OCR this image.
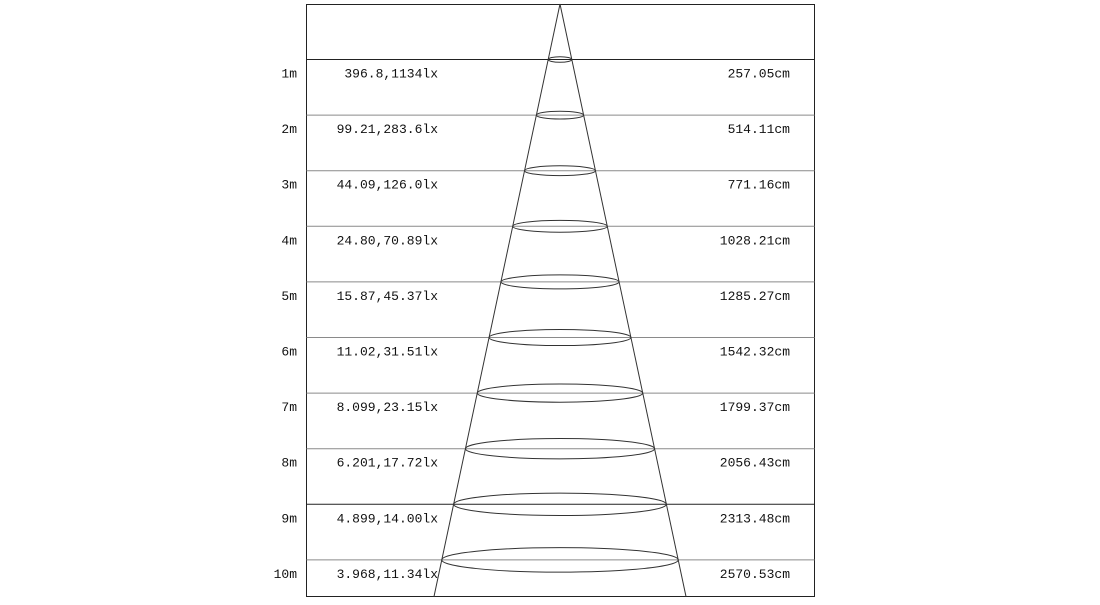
1m	396.8,1134lx	257.05cm
2m	99.21,283.6lx	514.11cm
3m	44.09,126.0lx	771.16cm
4m	24.80,70.89lx	1028.21cm
5m	15.87,45.37lx	1285.27cm
6m	11.02,31.51lx	1542.32cm
7m	8.099,23.15lx	1799.37cm
8m	6.201,17.72lx	2056.43cm
9m	4.899,14.00lx	2313.48cm
10m	3.968,11.34lx	2570.53cm
